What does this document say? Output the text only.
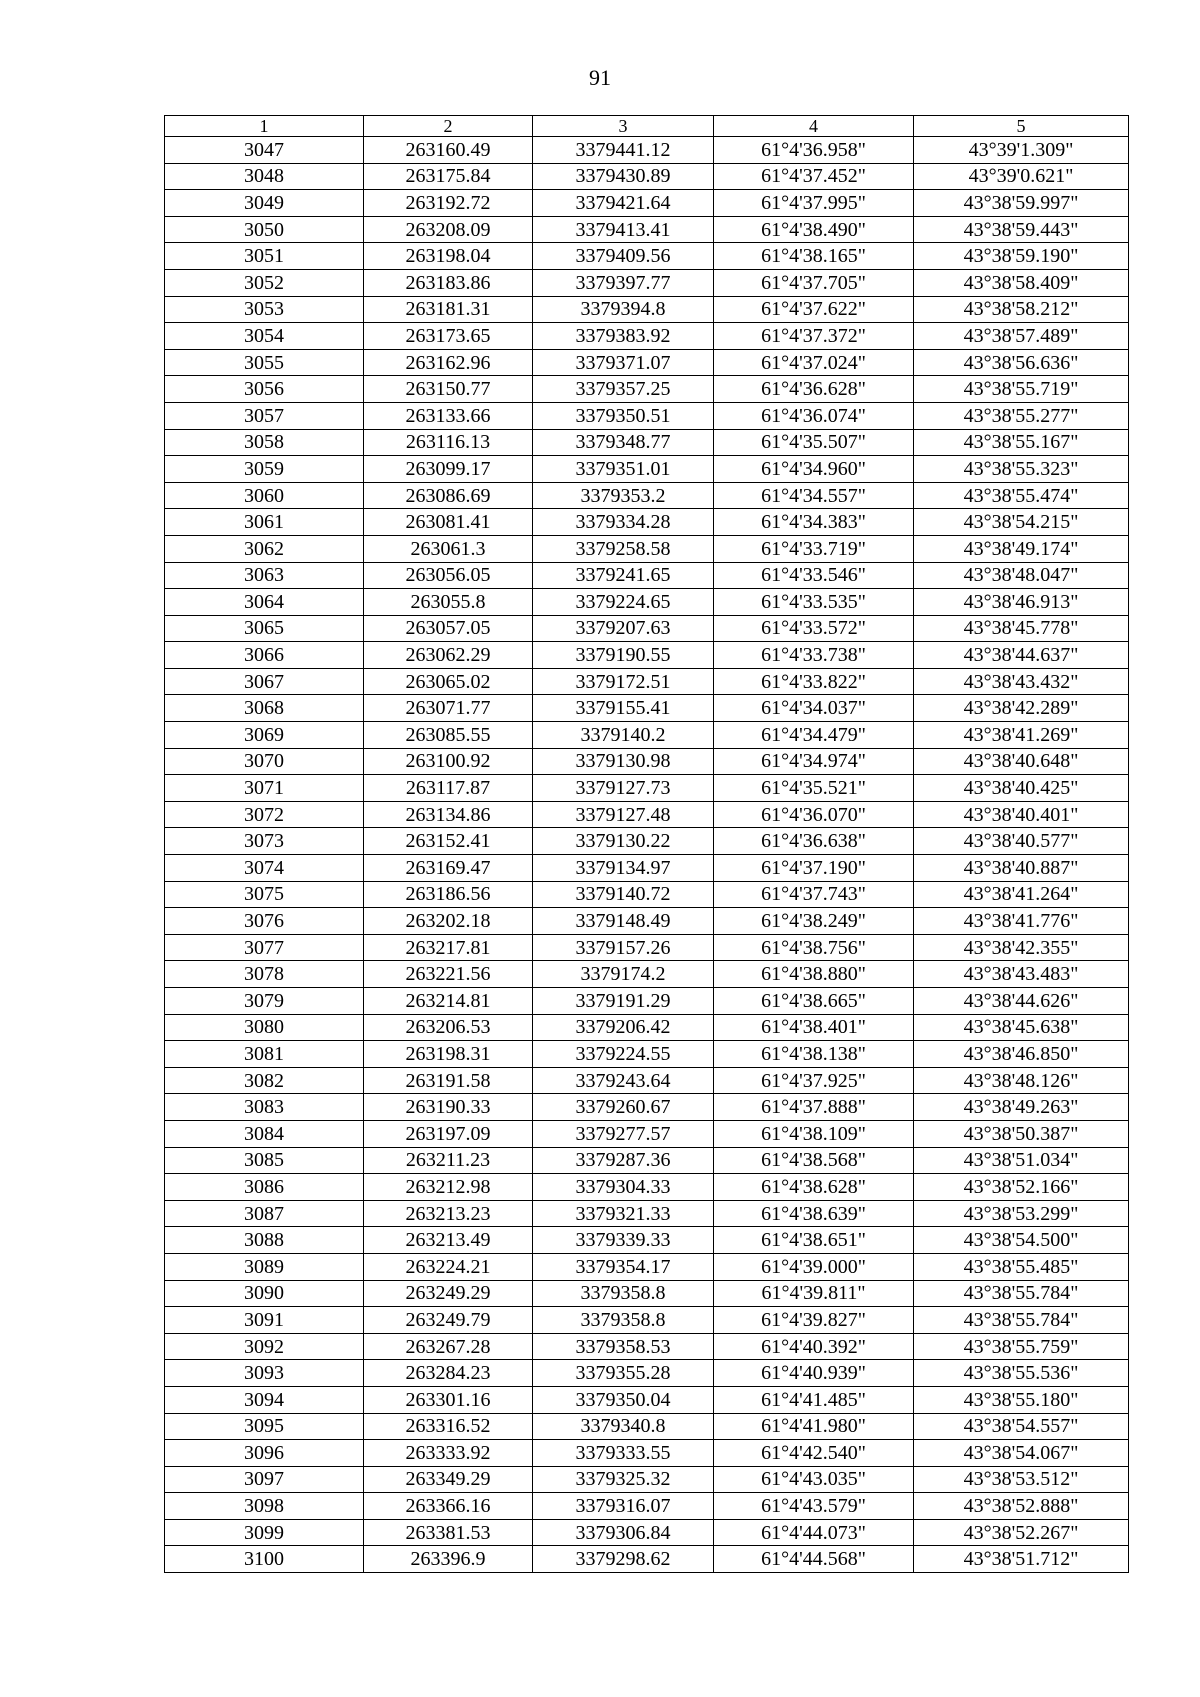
91
1	2	3	4	5
3047	263160.49	3379441.12	61°4'36.958"	43°39'1.309"
3048	263175.84	3379430.89	61°4'37.452"	43°39'0.621"
3049	263192.72	3379421.64	61°4'37.995"	43°38'59.997"
3050	263208.09	3379413.41	61°4'38.490"	43°38'59.443"
3051	263198.04	3379409.56	61°4'38.165"	43°38'59.190"
3052	263183.86	3379397.77	61°4'37.705"	43°38'58.409"
3053	263181.31	3379394.8	61°4'37.622"	43°38'58.212"
3054	263173.65	3379383.92	61°4'37.372"	43°38'57.489"
3055	263162.96	3379371.07	61°4'37.024"	43°38'56.636"
3056	263150.77	3379357.25	61°4'36.628"	43°38'55.719"
3057	263133.66	3379350.51	61°4'36.074"	43°38'55.277"
3058	263116.13	3379348.77	61°4'35.507"	43°38'55.167"
3059	263099.17	3379351.01	61°4'34.960"	43°38'55.323"
3060	263086.69	3379353.2	61°4'34.557"	43°38'55.474"
3061	263081.41	3379334.28	61°4'34.383"	43°38'54.215"
3062	263061.3	3379258.58	61°4'33.719"	43°38'49.174"
3063	263056.05	3379241.65	61°4'33.546"	43°38'48.047"
3064	263055.8	3379224.65	61°4'33.535"	43°38'46.913"
3065	263057.05	3379207.63	61°4'33.572"	43°38'45.778"
3066	263062.29	3379190.55	61°4'33.738"	43°38'44.637"
3067	263065.02	3379172.51	61°4'33.822"	43°38'43.432"
3068	263071.77	3379155.41	61°4'34.037"	43°38'42.289"
3069	263085.55	3379140.2	61°4'34.479"	43°38'41.269"
3070	263100.92	3379130.98	61°4'34.974"	43°38'40.648"
3071	263117.87	3379127.73	61°4'35.521"	43°38'40.425"
3072	263134.86	3379127.48	61°4'36.070"	43°38'40.401"
3073	263152.41	3379130.22	61°4'36.638"	43°38'40.577"
3074	263169.47	3379134.97	61°4'37.190"	43°38'40.887"
3075	263186.56	3379140.72	61°4'37.743"	43°38'41.264"
3076	263202.18	3379148.49	61°4'38.249"	43°38'41.776"
3077	263217.81	3379157.26	61°4'38.756"	43°38'42.355"
3078	263221.56	3379174.2	61°4'38.880"	43°38'43.483"
3079	263214.81	3379191.29	61°4'38.665"	43°38'44.626"
3080	263206.53	3379206.42	61°4'38.401"	43°38'45.638"
3081	263198.31	3379224.55	61°4'38.138"	43°38'46.850"
3082	263191.58	3379243.64	61°4'37.925"	43°38'48.126"
3083	263190.33	3379260.67	61°4'37.888"	43°38'49.263"
3084	263197.09	3379277.57	61°4'38.109"	43°38'50.387"
3085	263211.23	3379287.36	61°4'38.568"	43°38'51.034"
3086	263212.98	3379304.33	61°4'38.628"	43°38'52.166"
3087	263213.23	3379321.33	61°4'38.639"	43°38'53.299"
3088	263213.49	3379339.33	61°4'38.651"	43°38'54.500"
3089	263224.21	3379354.17	61°4'39.000"	43°38'55.485"
3090	263249.29	3379358.8	61°4'39.811"	43°38'55.784"
3091	263249.79	3379358.8	61°4'39.827"	43°38'55.784"
3092	263267.28	3379358.53	61°4'40.392"	43°38'55.759"
3093	263284.23	3379355.28	61°4'40.939"	43°38'55.536"
3094	263301.16	3379350.04	61°4'41.485"	43°38'55.180"
3095	263316.52	3379340.8	61°4'41.980"	43°38'54.557"
3096	263333.92	3379333.55	61°4'42.540"	43°38'54.067"
3097	263349.29	3379325.32	61°4'43.035"	43°38'53.512"
3098	263366.16	3379316.07	61°4'43.579"	43°38'52.888"
3099	263381.53	3379306.84	61°4'44.073"	43°38'52.267"
3100	263396.9	3379298.62	61°4'44.568"	43°38'51.712"
